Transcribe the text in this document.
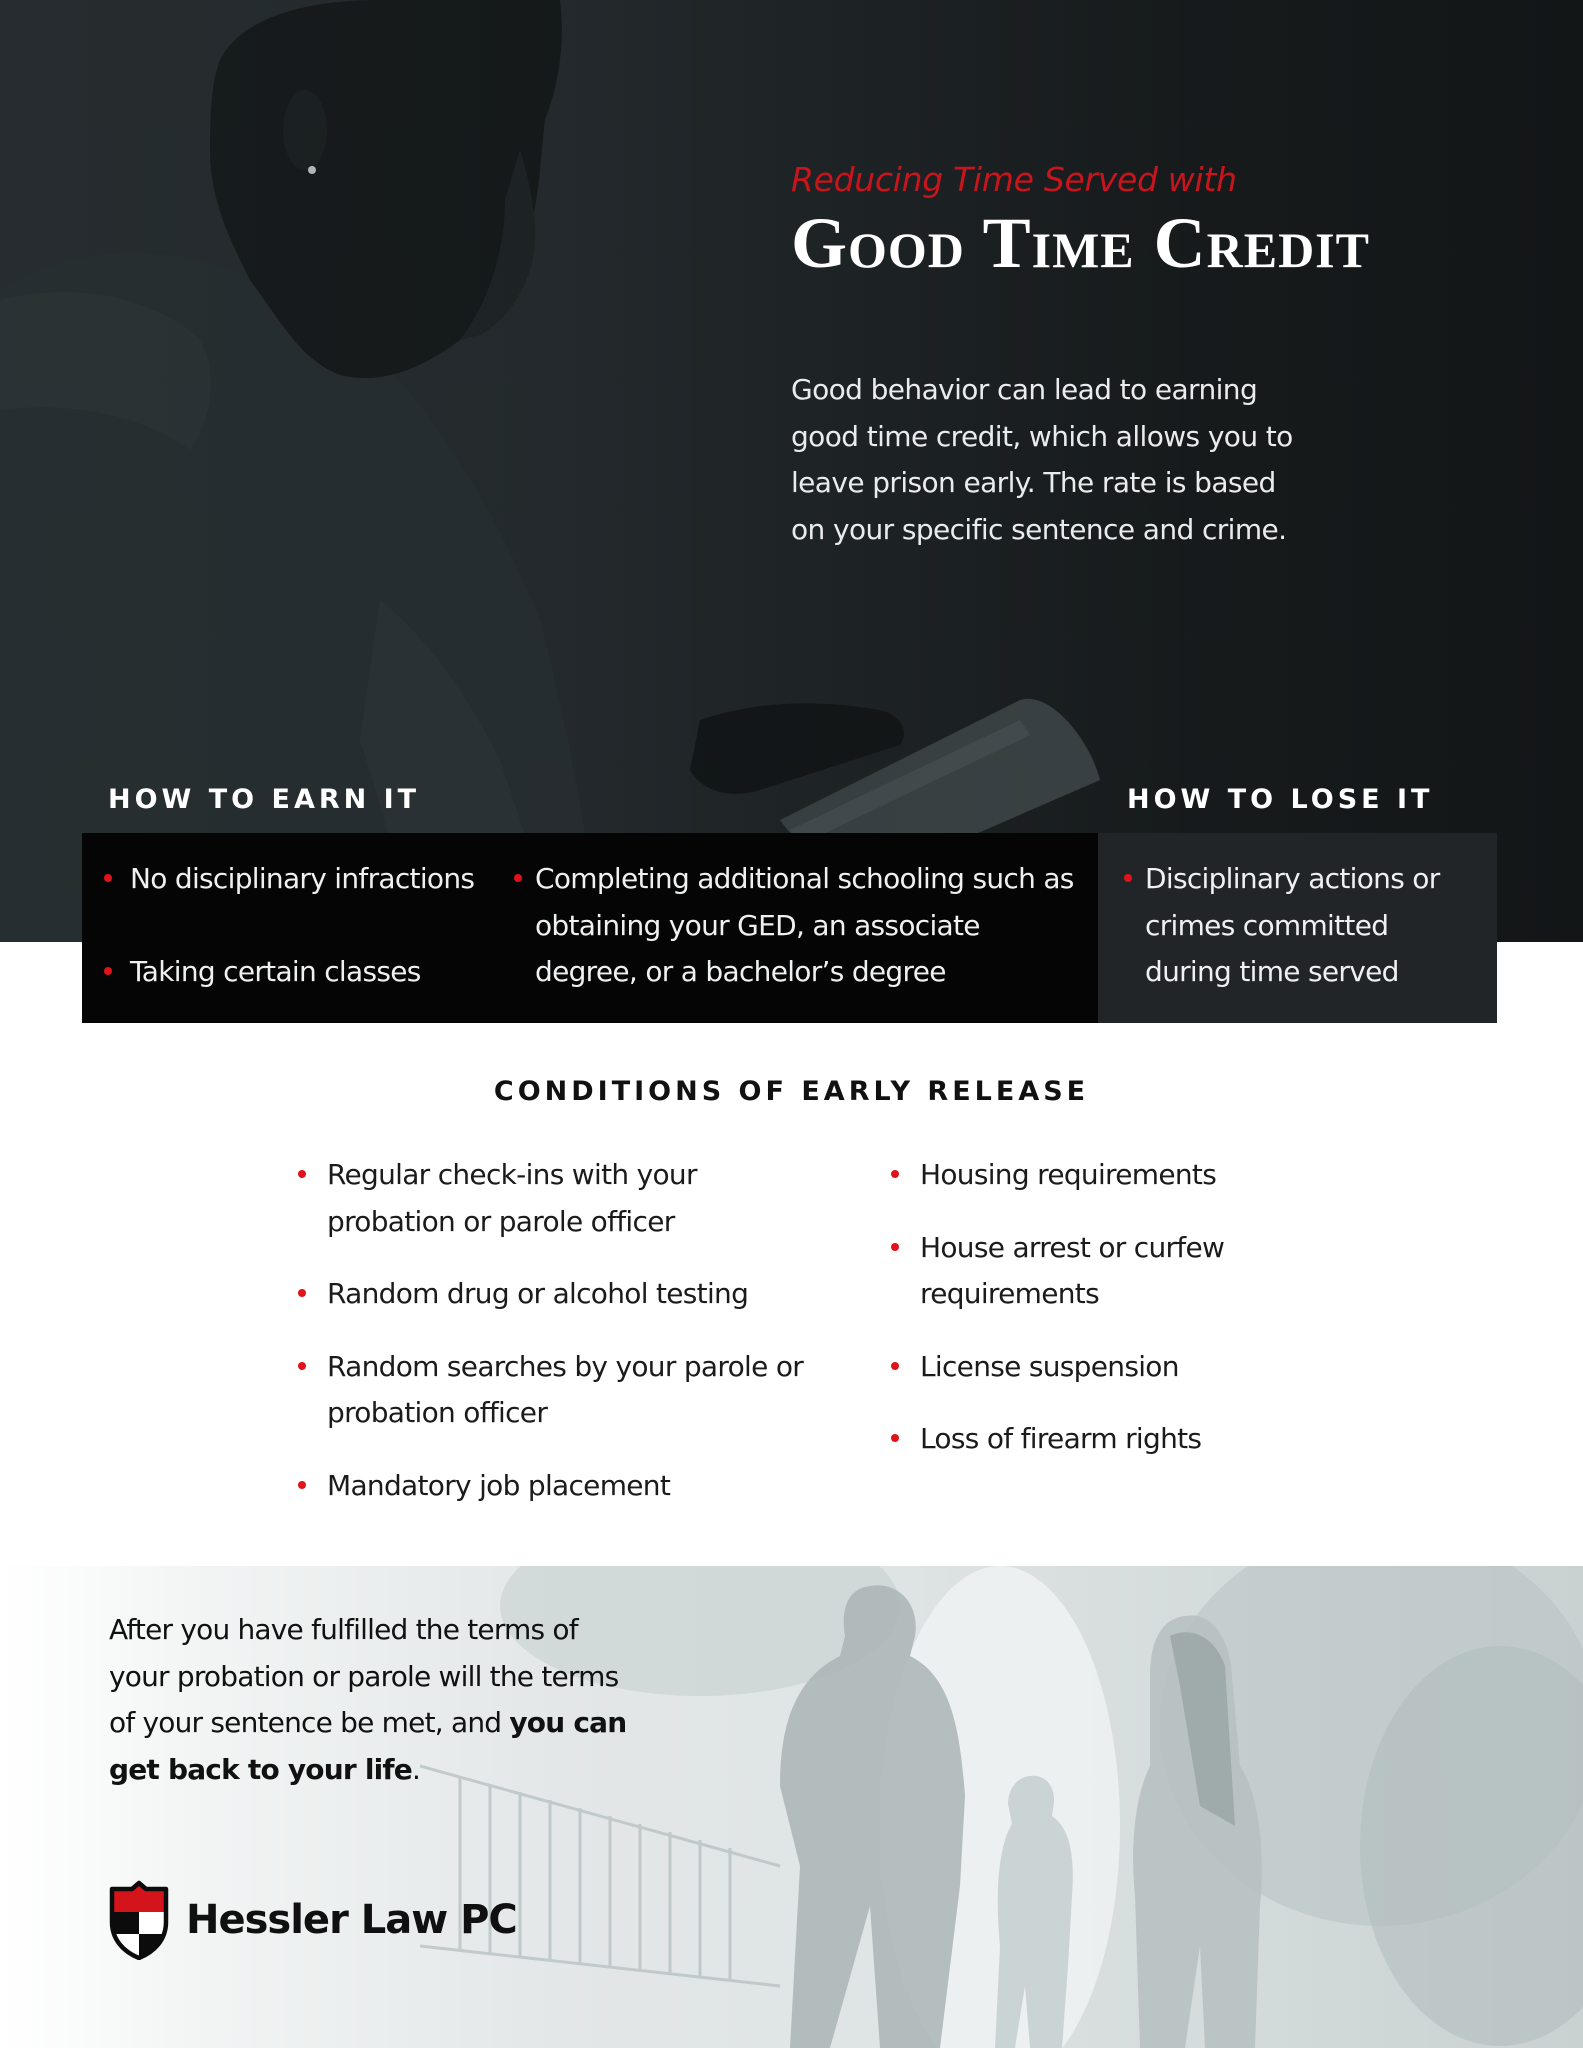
Reducing Time Served with
Good Time Credit

Good behavior can lead to earning good time credit, which allows you to leave prison early. The rate is based on your specific sentence and crime.

HOW TO EARN IT	HOW TO LOSE IT
No disciplinary infractions
Taking certain classes
Completing additional schooling such as obtaining your GED, an associate degree, or a bachelor’s degree
Disciplinary actions or crimes committed during time served
CONDITIONS OF EARLY RELEASE
Regular check-ins with your probation or parole officer
Random drug or alcohol testing
Random searches by your parole or probation officer
Mandatory job placement
Housing requirements
House arrest or curfew requirements
License suspension
Loss of firearm rights

After you have fulfilled the terms of your probation or parole will the terms of your sentence be met, and you can get back to your life.

Hessler Law PC
